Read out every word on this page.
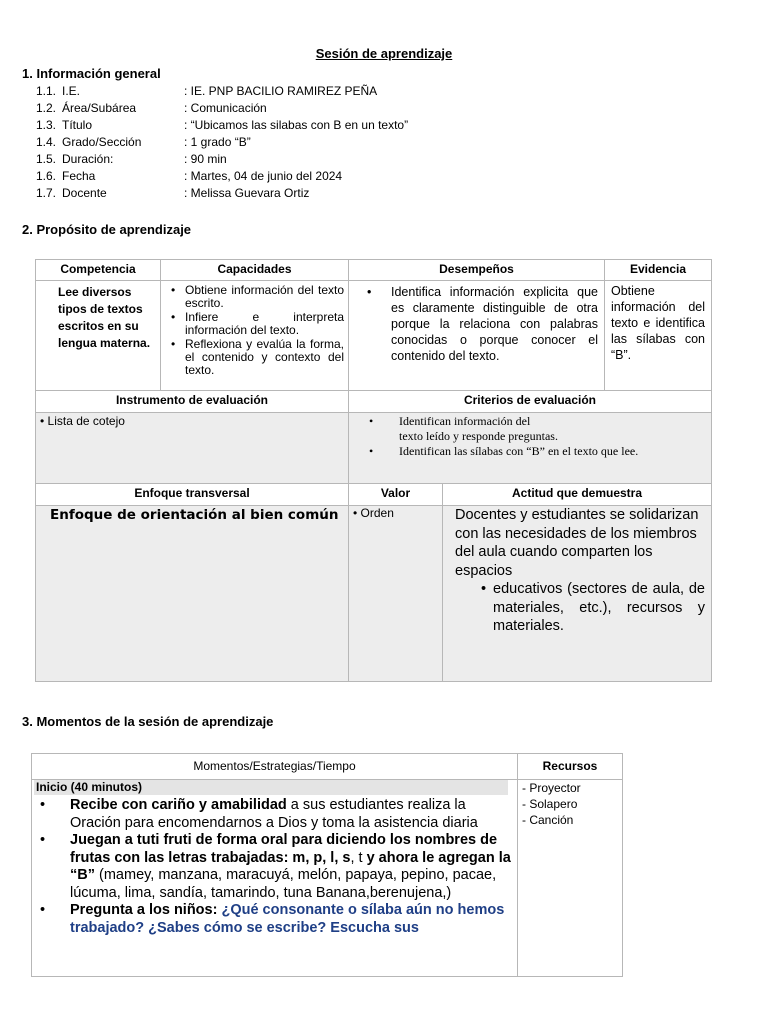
Sesión de aprendizaje
1. Información general
1.1. I.E.	: IE. PNP BACILIO RAMIREZ PEÑA
1.2. Área/Subárea	: Comunicación
1.3. Título	: “Ubicamos las silabas con B en un texto”
1.4. Grado/Sección	: 1 grado “B”
1.5. Duración:	: 90 min
1.6. Fecha	: Martes, 04 de junio del 2024
1.7. Docente	: Melissa Guevara Ortiz
2. Propósito de aprendizaje
Competencia	Capacidades	Desempeños	Evidencia
Lee diversos tipos de textos escritos en su lengua materna.
• Obtiene información del texto escrito.
• Infiere e interpreta información del texto.
• Reflexiona y evalúa la forma, el contenido y contexto del texto.
• Identifica información explicita que es claramente distinguible de otra porque la relaciona con palabras conocidas o porque conocer el contenido del texto.
Obtiene información del texto e identifica las sílabas con “B”.
Instrumento de evaluación	Criterios de evaluación
• Lista de cotejo
•	Identifican información del
texto leído y responde preguntas.
• Identifican las sílabas con “B” en el texto que lee.
Enfoque transversal	Valor	Actitud que demuestra
Enfoque de orientación al bien común	• Orden	Docentes y estudiantes se solidarizan con las necesidades de los miembros del aula cuando comparten los espacios
• educativos (sectores de aula, de materiales, etc.), recursos y materiales.
3. Momentos de la sesión de aprendizaje
Momentos/Estrategias/Tiempo	Recursos
Inicio (40 minutos)
• Recibe con cariño y amabilidad a sus estudiantes realiza la Oración para encomendarnos a Dios y toma la asistencia diaria
• Juegan a tuti fruti de forma oral para diciendo los nombres de frutas con las letras trabajadas: m, p, l, s, t y ahora le agregan la “B” (mamey, manzana, maracuyá, melón, papaya, pepino, pacae, lúcuma, lima, sandía, tamarindo, tuna Banana,berenujena,)
• Pregunta a los niños: ¿Qué consonante o sílaba aún no hemos trabajado? ¿Sabes cómo se escribe? Escucha sus
- Proyector
- Solapero
- Canción
